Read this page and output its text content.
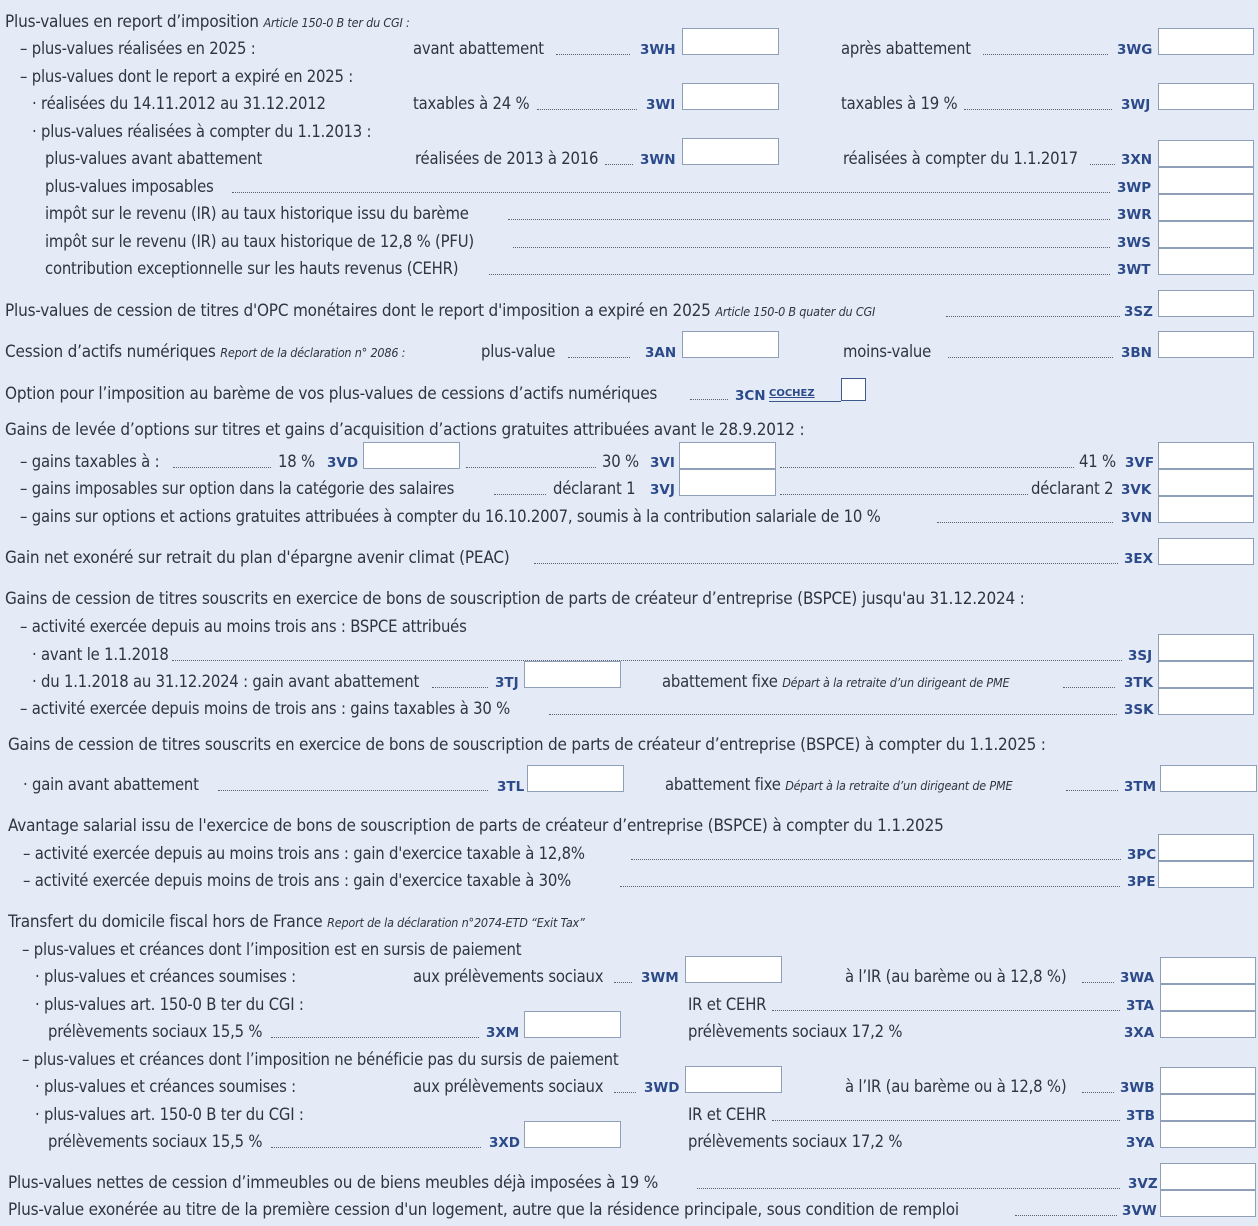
Plus-values en report d’imposition Article 150-0 B ter du CGI :
– plus-values réalisées en 2025 :	avant abattement	3WH	après abattement	3WG
– plus-values dont le report a expiré en 2025 :
· réalisées du 14.11.2012 au 31.12.2012	taxables à 24 %	3WI	taxables à 19 %	3WJ
· plus-values réalisées à compter du 1.1.2013 :
plus-values avant abattement	réalisées de 2013 à 2016	3WN	réalisées à compter du 1.1.2017	3XN
plus-values imposables	3WP
impôt sur le revenu (IR) au taux historique issu du barème	3WR
impôt sur le revenu (IR) au taux historique de 12,8 % (PFU)	3WS
contribution exceptionnelle sur les hauts revenus (CEHR)	3WT
Plus-values de cession de titres d'OPC monétaires dont le report d'imposition a expiré en 2025 Article 150-0 B quater du CGI	3SZ
Cession d’actifs numériques Report de la déclaration n° 2086 :	plus-value	3AN	moins-value	3BN
Option pour l’imposition au barème de vos plus-values de cessions d’actifs numériques	3CN COCHEZ
Gains de levée d’options sur titres et gains d’acquisition d’actions gratuites attribuées avant le 28.9.2012 :
– gains taxables à :	18 % 3VD	30 % 3VI	41 % 3VF
– gains imposables sur option dans la catégorie des salaires	déclarant 1 3VJ	déclarant 2 3VK
– gains sur options et actions gratuites attribuées à compter du 16.10.2007, soumis à la contribution salariale de 10 %	3VN
Gain net exonéré sur retrait du plan d'épargne avenir climat (PEAC)	3EX
Gains de cession de titres souscrits en exercice de bons de souscription de parts de créateur d’entreprise (BSPCE) jusqu'au 31.12.2024 :
– activité exercée depuis au moins trois ans : BSPCE attribués
· avant le 1.1.2018	3SJ
· du 1.1.2018 au 31.12.2024 : gain avant abattement	3TJ	abattement fixe Départ à la retraite d’un dirigeant de PME	3TK
– activité exercée depuis moins de trois ans : gains taxables à 30 %	3SK
Gains de cession de titres souscrits en exercice de bons de souscription de parts de créateur d’entreprise (BSPCE) à compter du 1.1.2025 :
· gain avant abattement	3TL	abattement fixe Départ à la retraite d’un dirigeant de PME	3TM
Avantage salarial issu de l'exercice de bons de souscription de parts de créateur d’entreprise (BSPCE) à compter du 1.1.2025
– activité exercée depuis au moins trois ans : gain d'exercice taxable à 12,8%	3PC
– activité exercée depuis moins de trois ans : gain d'exercice taxable à 30%	3PE
Transfert du domicile fiscal hors de France Report de la déclaration n°2074-ETD “Exit Tax”
– plus-values et créances dont l’imposition est en sursis de paiement
· plus-values et créances soumises :	aux prélèvements sociaux	3WM	à l’IR (au barème ou à 12,8 %)	3WA
· plus-values art. 150-0 B ter du CGI :	IR et CEHR	3TA
prélèvements sociaux 15,5 %	3XM	prélèvements sociaux 17,2 %	3XA
– plus-values et créances dont l’imposition ne bénéficie pas du sursis de paiement
· plus-values et créances soumises :	aux prélèvements sociaux	3WD	à l’IR (au barème ou à 12,8 %)	3WB
· plus-values art. 150-0 B ter du CGI :	IR et CEHR	3TB
prélèvements sociaux 15,5 %	3XD	prélèvements sociaux 17,2 %	3YA
Plus-values nettes de cession d’immeubles ou de biens meubles déjà imposées à 19 %	3VZ
Plus-value exonérée au titre de la première cession d'un logement, autre que la résidence principale, sous condition de remploi	3VW
